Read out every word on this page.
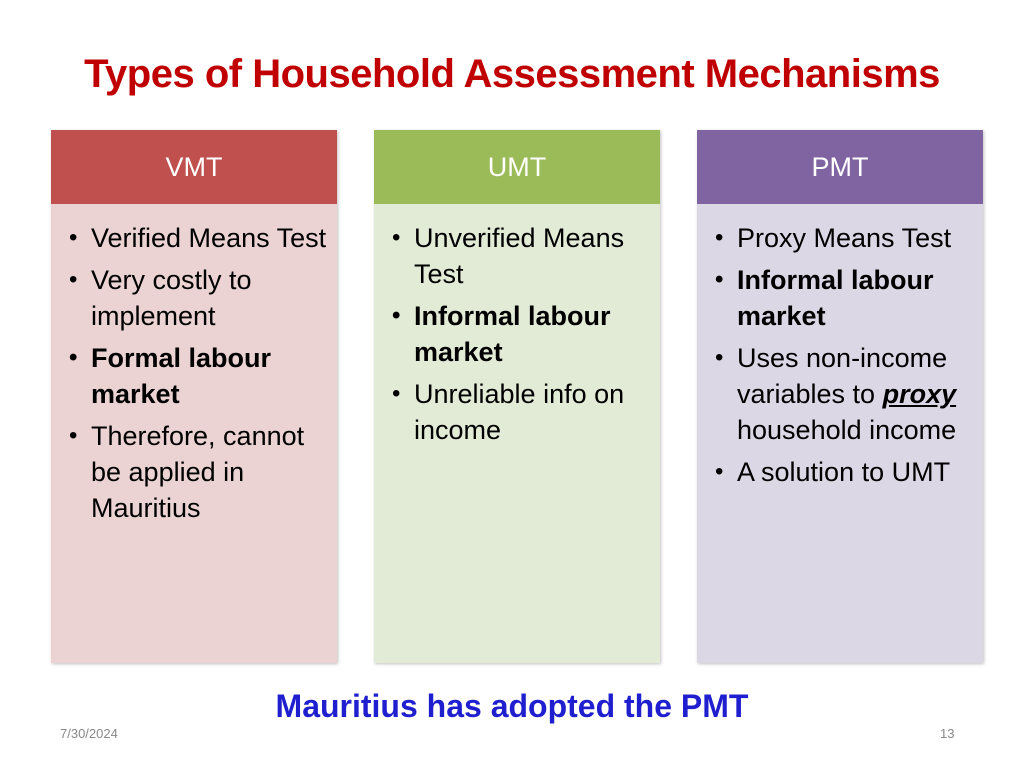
Types of Household Assessment Mechanisms
VMT
• Verified Means Test
• Very costly to implement
• Formal labour market
• Therefore, cannot be applied in Mauritius
UMT
• Unverified Means Test
• Informal labour market
• Unreliable info on income
PMT
• Proxy Means Test
• Informal labour market
• Uses non-income variables to proxy household income
• A solution to UMT
Mauritius has adopted the PMT
7/30/2024	13
